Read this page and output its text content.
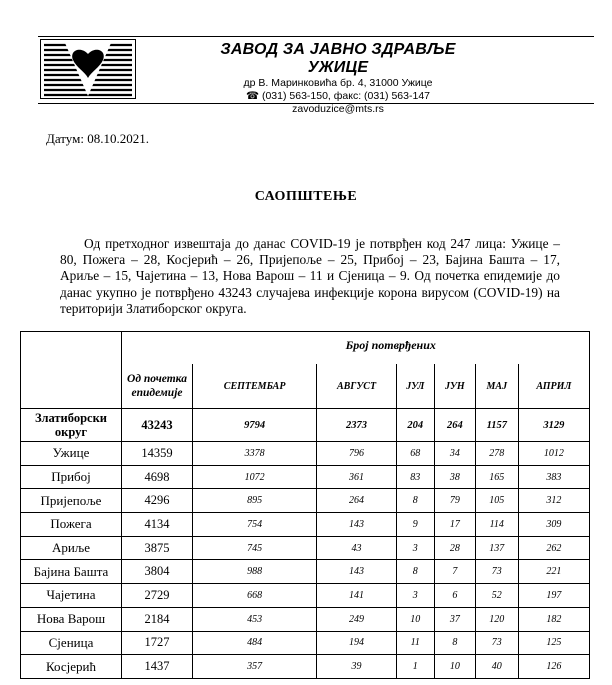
ЗАВОД ЗА ЈАВНО ЗДРАВЉЕ УЖИЦЕ
др В. Маринковића бр. 4, 31000 Ужице
☎ (031) 563-150, факс: (031) 563-147
zavoduzice@mts.rs
Датум: 08.10.2021.
САОПШТЕЊЕ
Од претходног извештаја до данас COVID-19 је потврђен код 247 лица: Ужице – 80, Пожега – 28, Косјерић – 26, Пријепоље – 25, Прибој – 23, Бајина Башта – 17, Ариље – 15, Чајетина – 13, Нова Варош – 11 и Сјеница – 9. Од почетка епидемије до данас укупно је потврђено 43243 случајева инфекције корона вирусом (COVID-19) на територији Златиборског округа.
		Број потврђених					
	Од почетка епидемије	СЕПТЕМБАР	АВГУСТ	ЈУЛ	ЈУН	МАЈ	АПРИЛ
Златиборски округ	43243	9794	2373	204	264	1157	3129
Ужице	14359	3378	796	68	34	278	1012
Прибој	4698	1072	361	83	38	165	383
Пријепоље	4296	895	264	8	79	105	312
Пожега	4134	754	143	9	17	114	309
Ариље	3875	745	43	3	28	137	262
Бајина Башта	3804	988	143	8	7	73	221
Чајетина	2729	668	141	3	6	52	197
Нова Варош	2184	453	249	10	37	120	182
Сјеница	1727	484	194	11	8	73	125
Косјерић	1437	357	39	1	10	40	126
